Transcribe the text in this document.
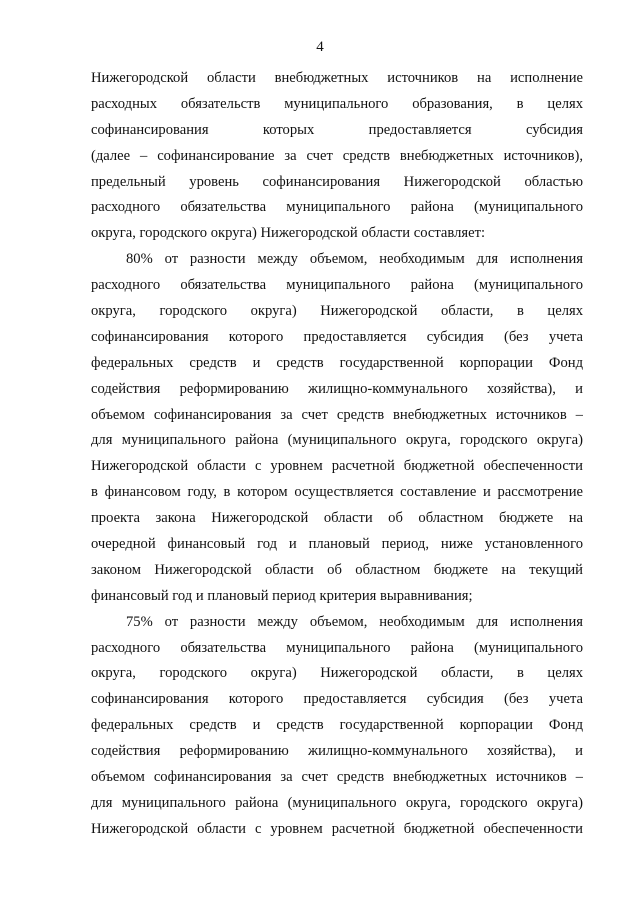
4
Нижегородской области внебюджетных источников на исполнение
расходных обязательств муниципального образования, в целях
софинансирования которых предоставляется субсидия
(далее – софинансирование за счет средств внебюджетных источников),
предельный уровень софинансирования Нижегородской областью
расходного обязательства муниципального района (муниципального
округа, городского округа) Нижегородской области составляет:
80% от разности между объемом, необходимым для исполнения
расходного обязательства муниципального района (муниципального
округа, городского округа) Нижегородской области, в целях
софинансирования которого предоставляется субсидия (без учета
федеральных средств и средств государственной корпорации Фонд
содействия реформированию жилищно-коммунального хозяйства), и
объемом софинансирования за счет средств внебюджетных источников –
для муниципального района (муниципального округа, городского округа)
Нижегородской области с уровнем расчетной бюджетной обеспеченности
в финансовом году, в котором осуществляется составление и рассмотрение
проекта закона Нижегородской области об областном бюджете на
очередной финансовый год и плановый период, ниже установленного
законом Нижегородской области об областном бюджете на текущий
финансовый год и плановый период критерия выравнивания;
75% от разности между объемом, необходимым для исполнения
расходного обязательства муниципального района (муниципального
округа, городского округа) Нижегородской области, в целях
софинансирования которого предоставляется субсидия (без учета
федеральных средств и средств государственной корпорации Фонд
содействия реформированию жилищно-коммунального хозяйства), и
объемом софинансирования за счет средств внебюджетных источников –
для муниципального района (муниципального округа, городского округа)
Нижегородской области с уровнем расчетной бюджетной обеспеченности
